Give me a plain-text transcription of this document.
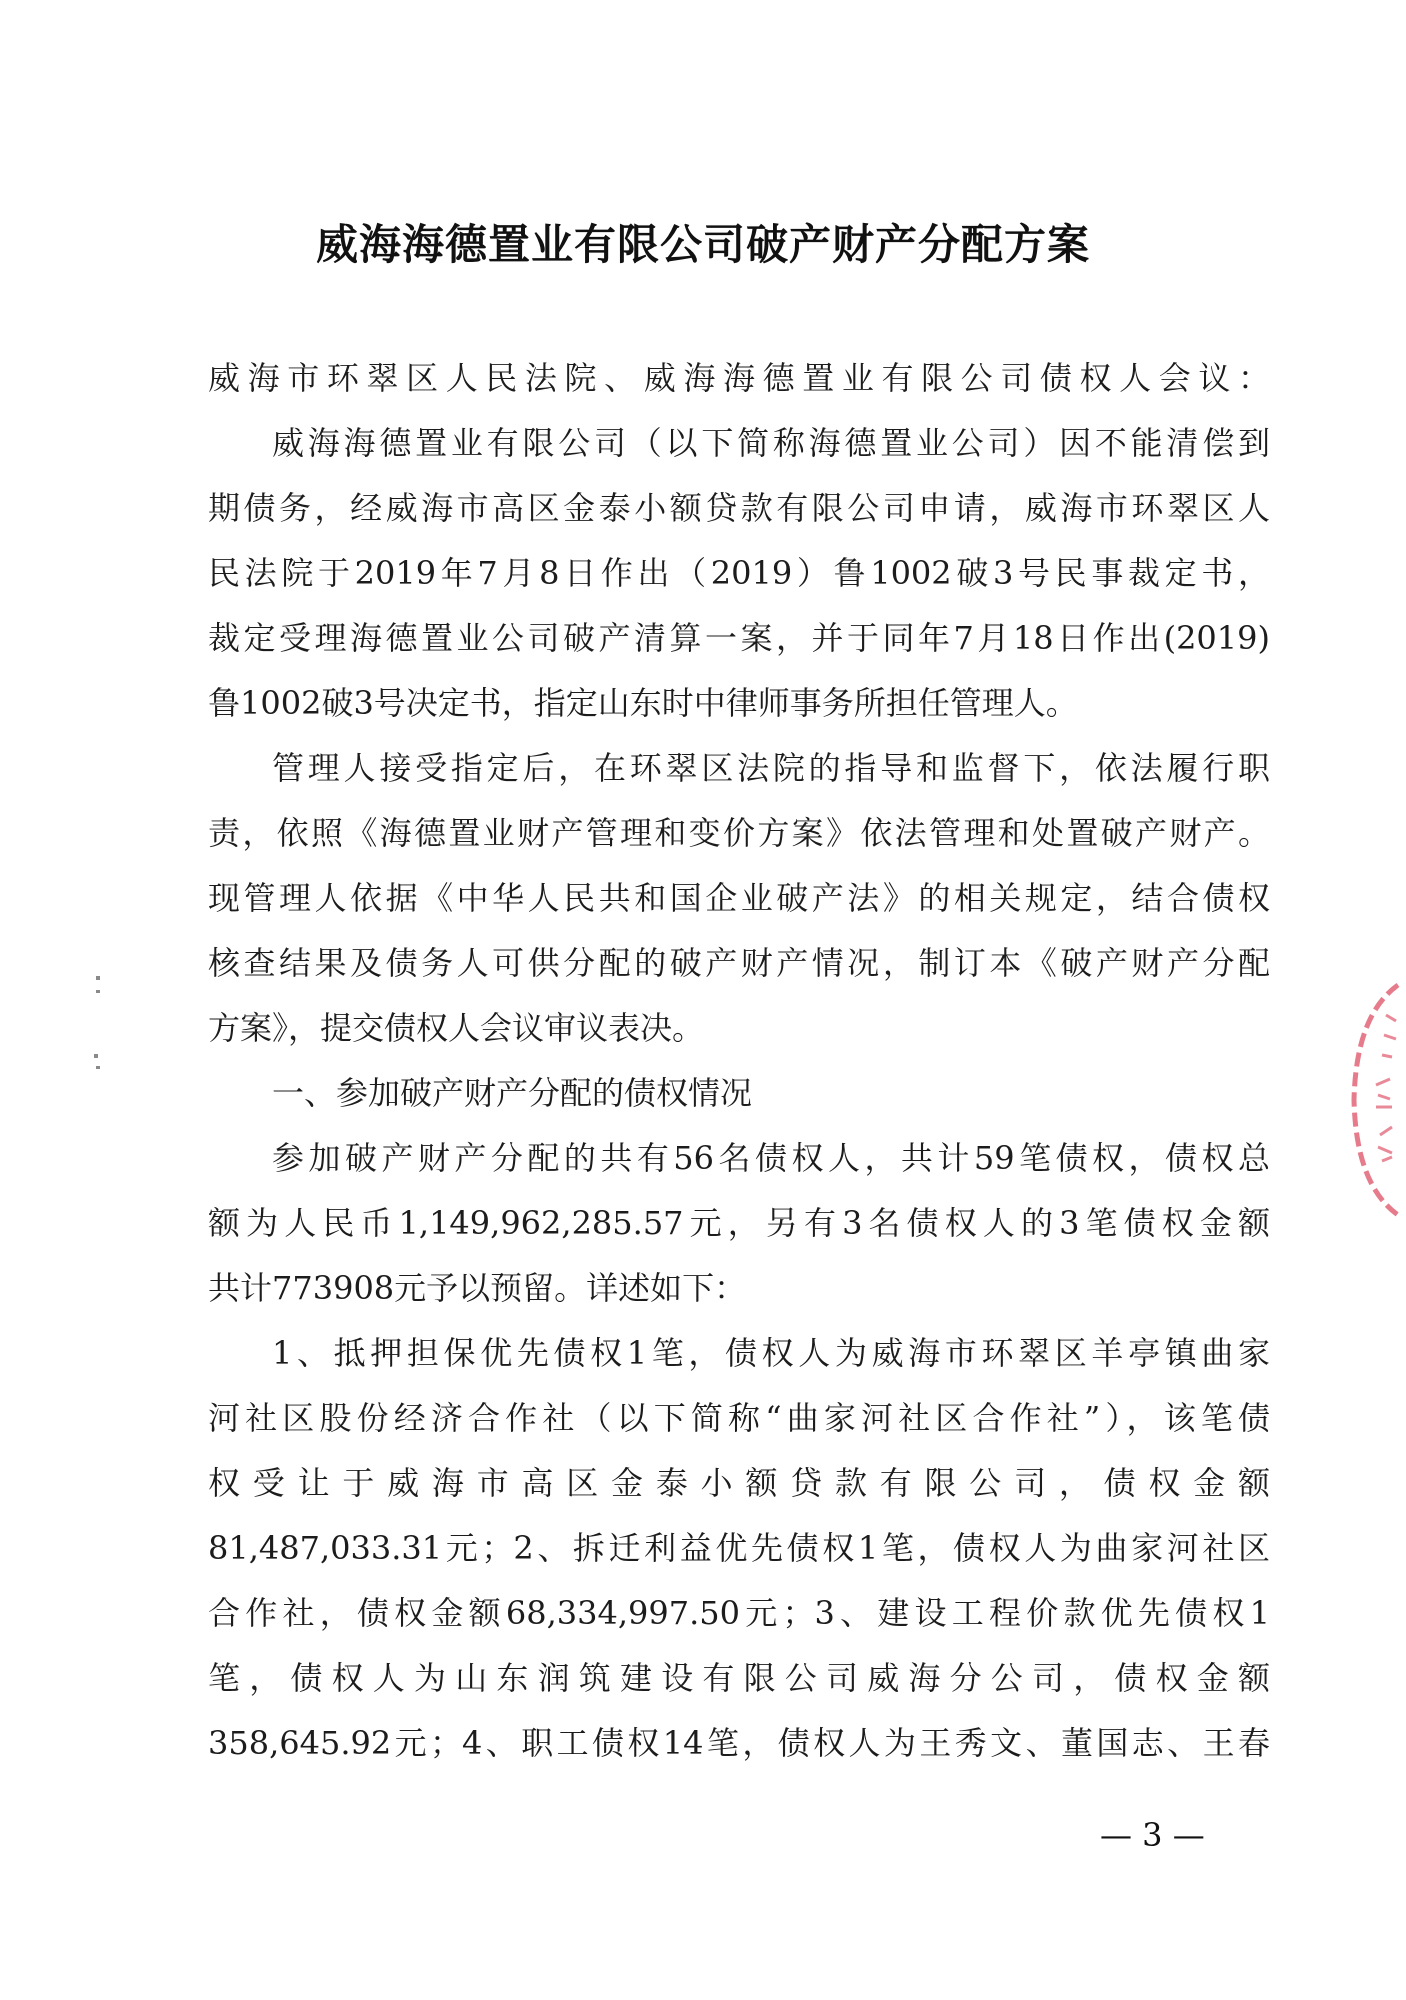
威海海德置业有限公司破产财产分配方案
威海市环翠区人民法院、威海海德置业有限公司债权人会议：
威海海德置业有限公司（以下简称海德置业公司）因不能清偿到
期债务，经威海市高区金泰小额贷款有限公司申请，威海市环翠区人
民法院于2019年7月8日作出（2019）鲁1002破3号民事裁定书，
裁定受理海德置业公司破产清算一案，并于同年7月18日作出(2019)
鲁1002破3号决定书，指定山东时中律师事务所担任管理人。
管理人接受指定后，在环翠区法院的指导和监督下，依法履行职
责，依照《海德置业财产管理和变价方案》依法管理和处置破产财产。
现管理人依据《中华人民共和国企业破产法》的相关规定，结合债权
核查结果及债务人可供分配的破产财产情况，制订本《破产财产分配
方案》，提交债权人会议审议表决。
一、参加破产财产分配的债权情况
参加破产财产分配的共有56名债权人，共计59笔债权，债权总
额为人民币1,149,962,285.57元，另有3名债权人的3笔债权金额
共计773908元予以预留。详述如下：
1、抵押担保优先债权1笔，债权人为威海市环翠区羊亭镇曲家
河社区股份经济合作社（以下简称“曲家河社区合作社”），该笔债
权受让于威海市高区金泰小额贷款有限公司，债权金额
81,487,033.31元；2、拆迁利益优先债权1笔，债权人为曲家河社区
合作社，债权金额68,334,997.50元；3、建设工程价款优先债权1
笔，债权人为山东润筑建设有限公司威海分公司，债权金额
358,645.92元；4、职工债权14笔，债权人为王秀文、董国志、王春
— 3 —
